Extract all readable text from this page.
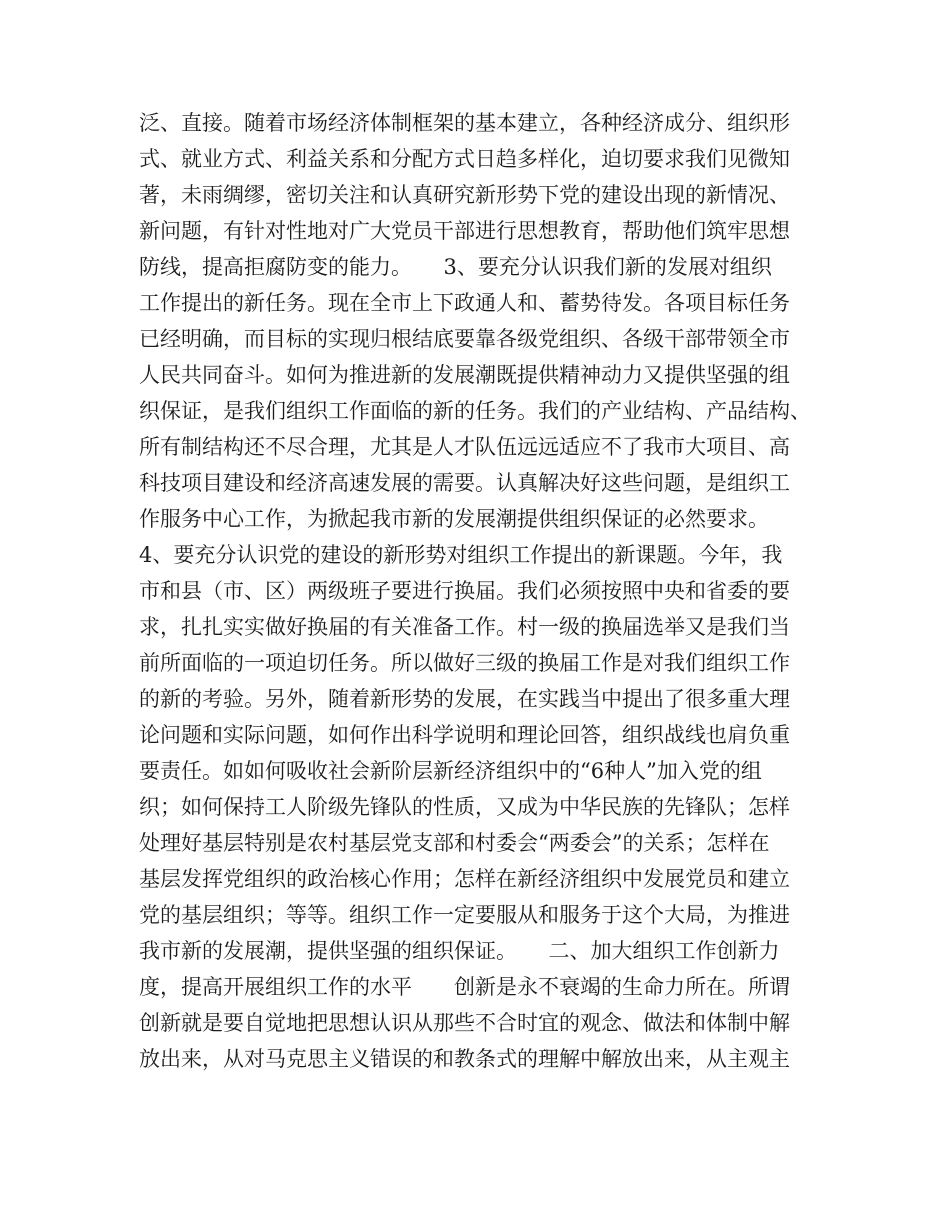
泛、直接。随着市场经济体制框架的基本建立，各种经济成分、组织形
式、就业方式、利益关系和分配方式日趋多样化，迫切要求我们见微知
著，未雨绸缪，密切关注和认真研究新形势下党的建设出现的新情况、
新问题，有针对性地对广大党员干部进行思想教育，帮助他们筑牢思想
防线，提高拒腐防变的能力。　　3、要充分认识我们新的发展对组织
工作提出的新任务。现在全市上下政通人和、蓄势待发。各项目标任务
已经明确，而目标的实现归根结底要靠各级党组织、各级干部带领全市
人民共同奋斗。如何为推进新的发展潮既提供精神动力又提供坚强的组
织保证，是我们组织工作面临的新的任务。我们的产业结构、产品结构、
所有制结构还不尽合理，尤其是人才队伍远远适应不了我市大项目、高
科技项目建设和经济高速发展的需要。认真解决好这些问题，是组织工
作服务中心工作，为掀起我市新的发展潮提供组织保证的必然要求。
4、要充分认识党的建设的新形势对组织工作提出的新课题。今年，我
市和县（市、区）两级班子要进行换届。我们必须按照中央和省委的要
求，扎扎实实做好换届的有关准备工作。村一级的换届选举又是我们当
前所面临的一项迫切任务。所以做好三级的换届工作是对我们组织工作
的新的考验。另外，随着新形势的发展，在实践当中提出了很多重大理
论问题和实际问题，如何作出科学说明和理论回答，组织战线也肩负重
要责任。如如何吸收社会新阶层新经济组织中的“6种人”加入党的组
织；如何保持工人阶级先锋队的性质，又成为中华民族的先锋队；怎样
处理好基层特别是农村基层党支部和村委会“两委会”的关系；怎样在
基层发挥党组织的政治核心作用；怎样在新经济组织中发展党员和建立
党的基层组织；等等。组织工作一定要服从和服务于这个大局，为推进
我市新的发展潮，提供坚强的组织保证。　　二、加大组织工作创新力
度，提高开展组织工作的水平　　创新是永不衰竭的生命力所在。所谓
创新就是要自觉地把思想认识从那些不合时宜的观念、做法和体制中解
放出来，从对马克思主义错误的和教条式的理解中解放出来，从主观主
